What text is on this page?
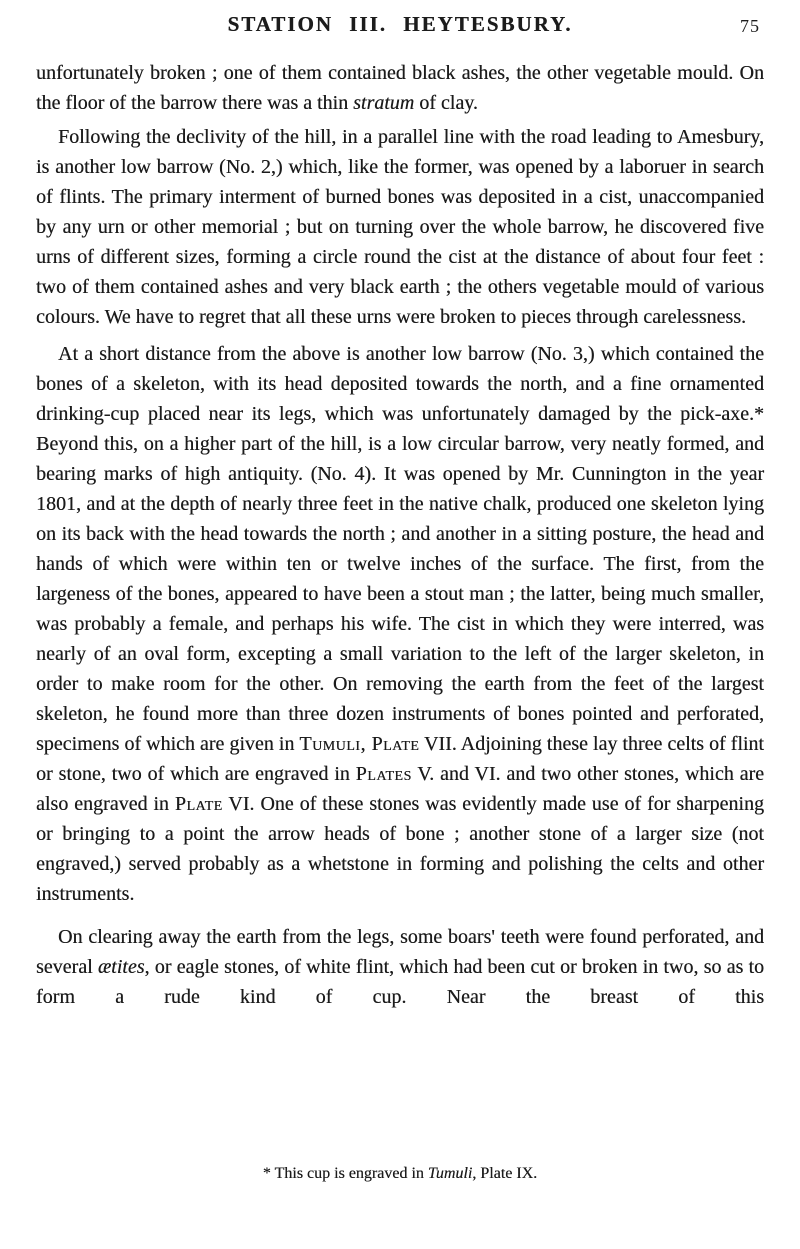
STATION III. HEYTESBURY.	75

unfortunately broken ; one of them contained black ashes, the other vegetable mould. On the floor of the barrow there was a thin stratum of clay.

Following the declivity of the hill, in a parallel line with the road leading to Amesbury, is another low barrow (No. 2,) which, like the former, was opened by a laboruer in search of flints. The primary interment of burned bones was deposited in a cist, unaccompanied by any urn or other memorial ; but on turning over the whole barrow, he discovered five urns of different sizes, forming a circle round the cist at the distance of about four feet : two of them contained ashes and very black earth ; the others vegetable mould of various colours. We have to regret that all these urns were broken to pieces through carelessness.

At a short distance from the above is another low barrow (No. 3,) which contained the bones of a skeleton, with its head deposited towards the north, and a fine ornamented drinking-cup placed near its legs, which was unfortunately damaged by the pick-axe.* Beyond this, on a higher part of the hill, is a low circular barrow, very neatly formed, and bearing marks of high antiquity. (No. 4). It was opened by Mr. Cunnington in the year 1801, and at the depth of nearly three feet in the native chalk, produced one skeleton lying on its back with the head towards the north ; and another in a sitting posture, the head and hands of which were within ten or twelve inches of the surface. The first, from the largeness of the bones, appeared to have been a stout man ; the latter, being much smaller, was probably a female, and perhaps his wife. The cist in which they were interred, was nearly of an oval form, excepting a small variation to the left of the larger skeleton, in order to make room for the other. On removing the earth from the feet of the largest skeleton, he found more than three dozen instruments of bones pointed and perforated, specimens of which are given in Tumuli, Plate VII. Adjoining these lay three celts of flint or stone, two of which are engraved in Plates V. and VI. and two other stones, which are also engraved in Plate VI. One of these stones was evidently made use of for sharpening or bringing to a point the arrow heads of bone ; another stone of a larger size (not engraved,) served probably as a whetstone in forming and polishing the celts and other instruments.

On clearing away the earth from the legs, some boars' teeth were found perforated, and several ætites, or eagle stones, of white flint, which had been cut or broken in two, so as to form a rude kind of cup. Near the breast of this

* This cup is engraved in Tumuli, Plate IX.
